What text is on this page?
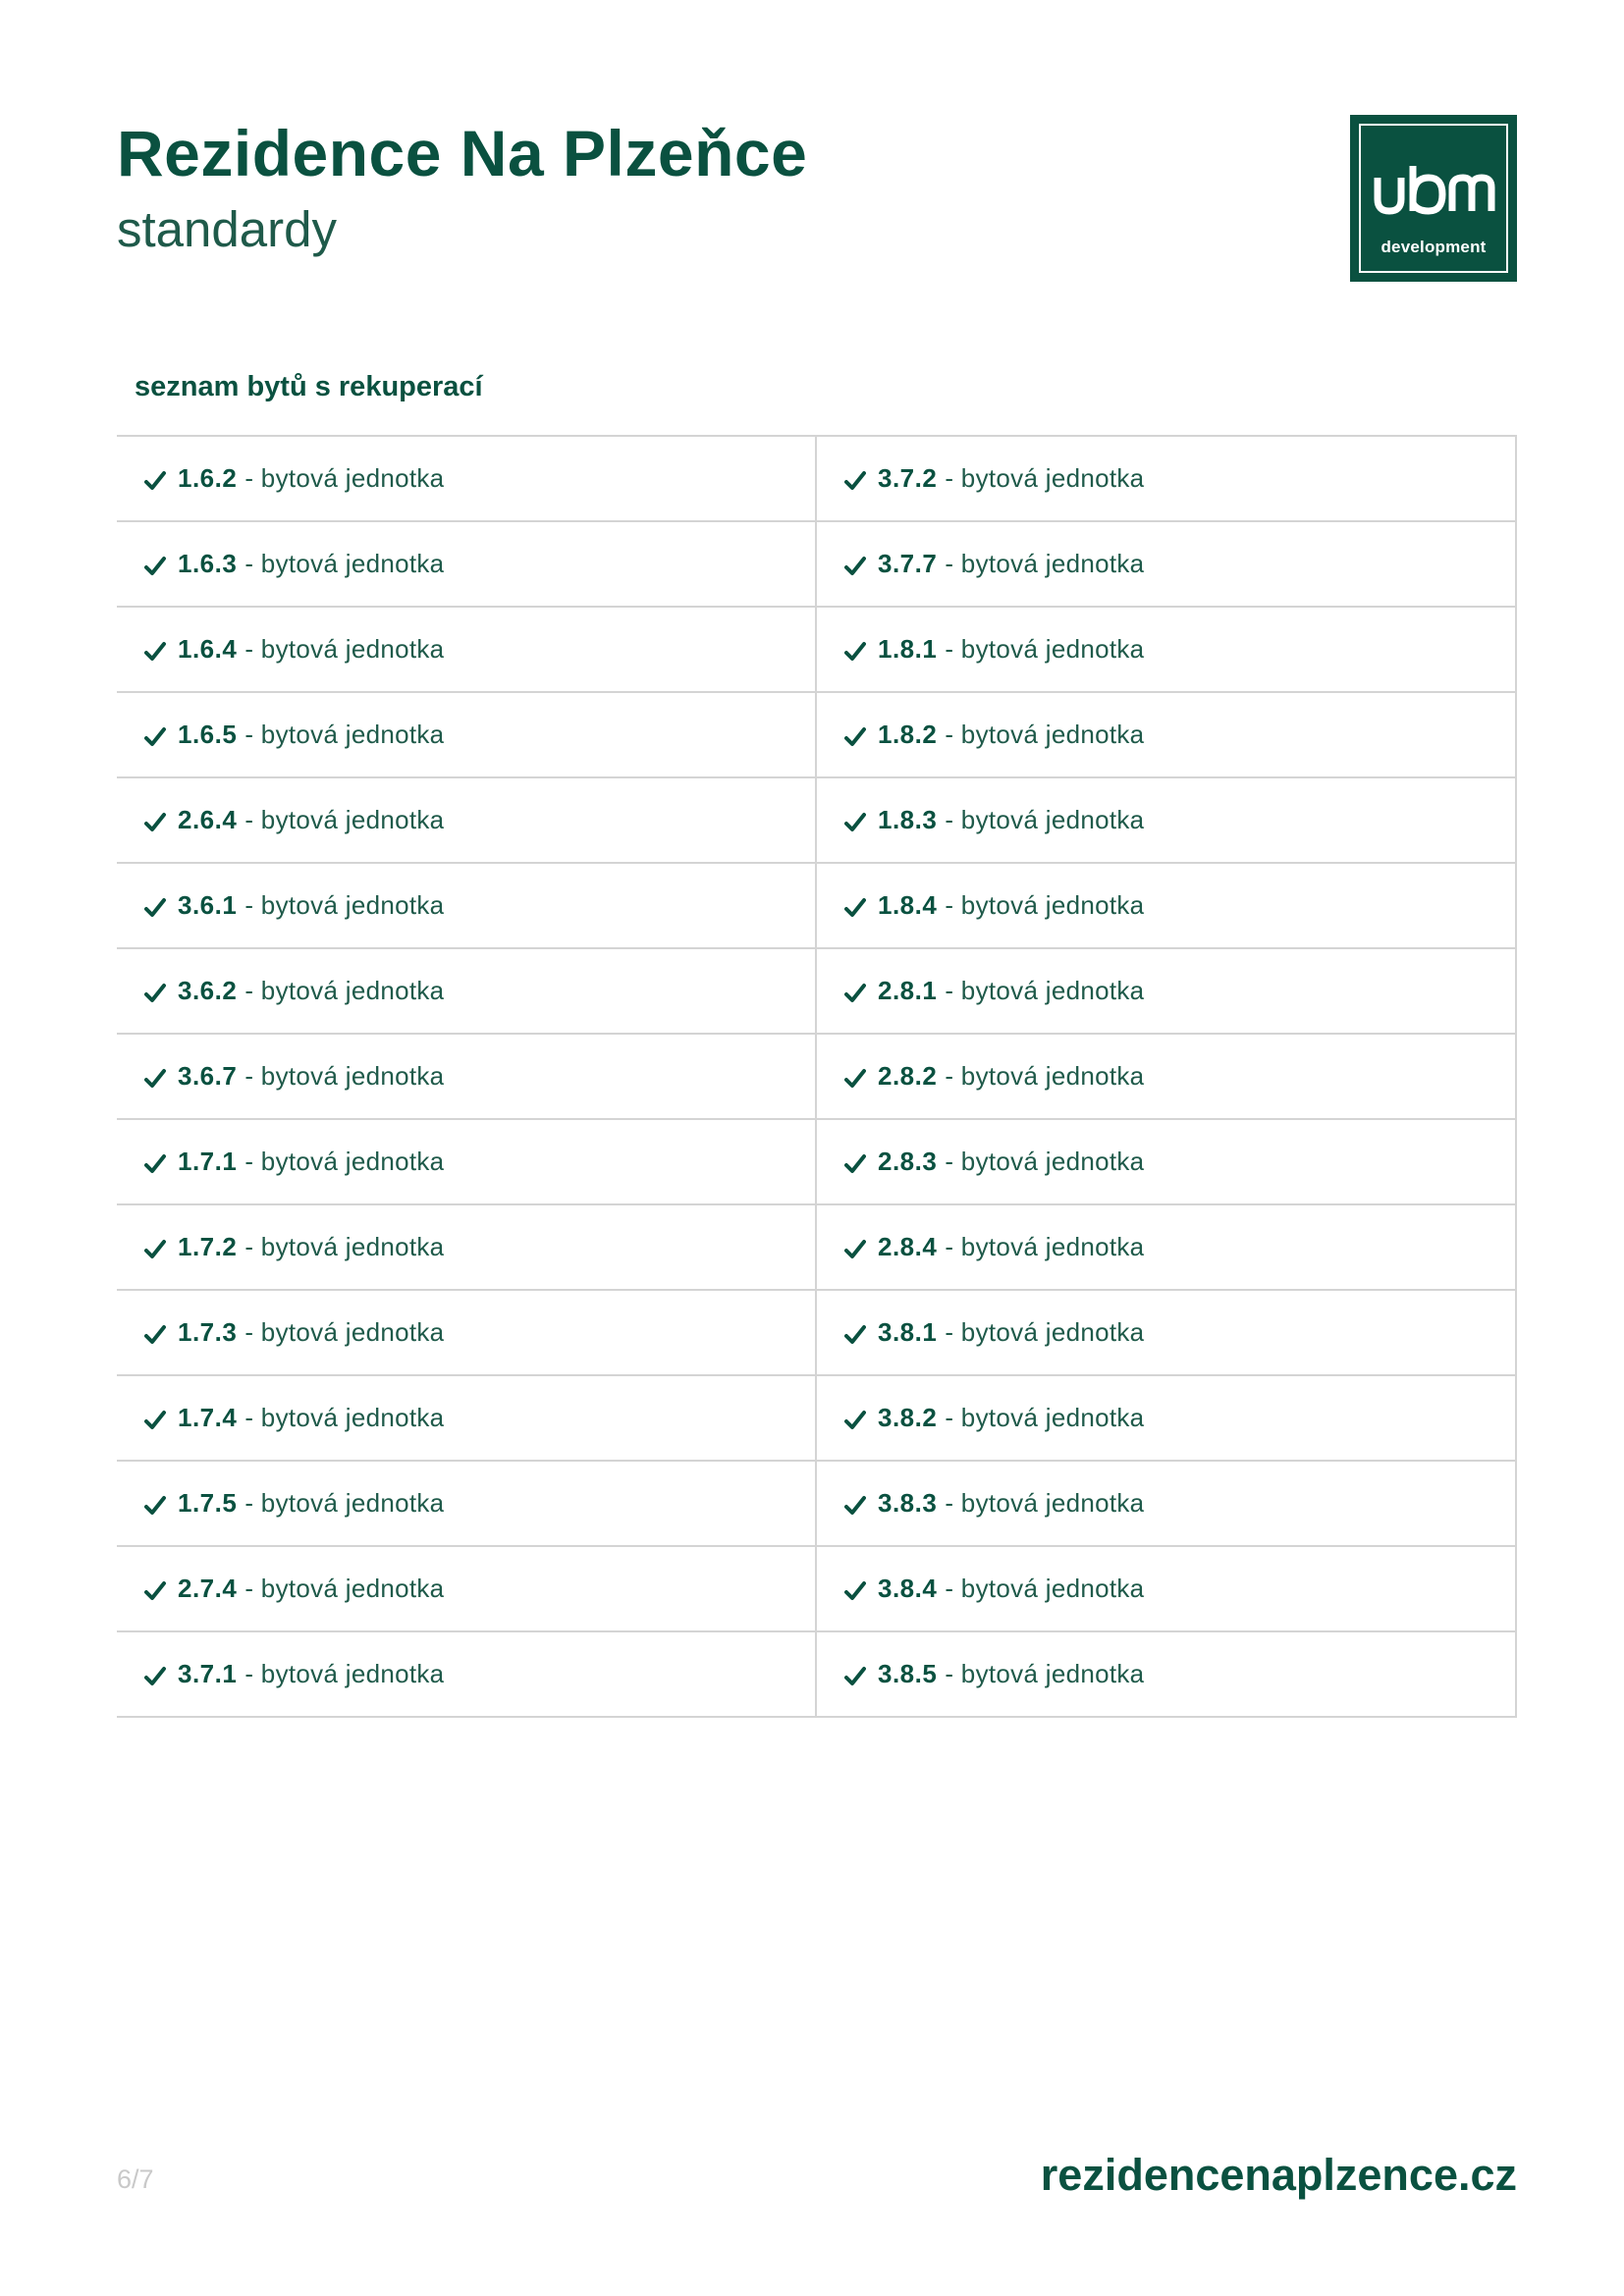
Rezidence Na Plzeňce
standardy	development
seznam bytů s rekuperací
1.6.2 - bytová jednotka	3.7.2 - bytová jednotka
1.6.3 - bytová jednotka	3.7.7 - bytová jednotka
1.6.4 - bytová jednotka	1.8.1 - bytová jednotka
1.6.5 - bytová jednotka	1.8.2 - bytová jednotka
2.6.4 - bytová jednotka	1.8.3 - bytová jednotka
3.6.1 - bytová jednotka	1.8.4 - bytová jednotka
3.6.2 - bytová jednotka	2.8.1 - bytová jednotka
3.6.7 - bytová jednotka	2.8.2 - bytová jednotka
1.7.1 - bytová jednotka	2.8.3 - bytová jednotka
1.7.2 - bytová jednotka	2.8.4 - bytová jednotka
1.7.3 - bytová jednotka	3.8.1 - bytová jednotka
1.7.4 - bytová jednotka	3.8.2 - bytová jednotka
1.7.5 - bytová jednotka	3.8.3 - bytová jednotka
2.7.4 - bytová jednotka	3.8.4 - bytová jednotka
3.7.1 - bytová jednotka	3.8.5 - bytová jednotka
6/7	rezidencenaplzence.cz
